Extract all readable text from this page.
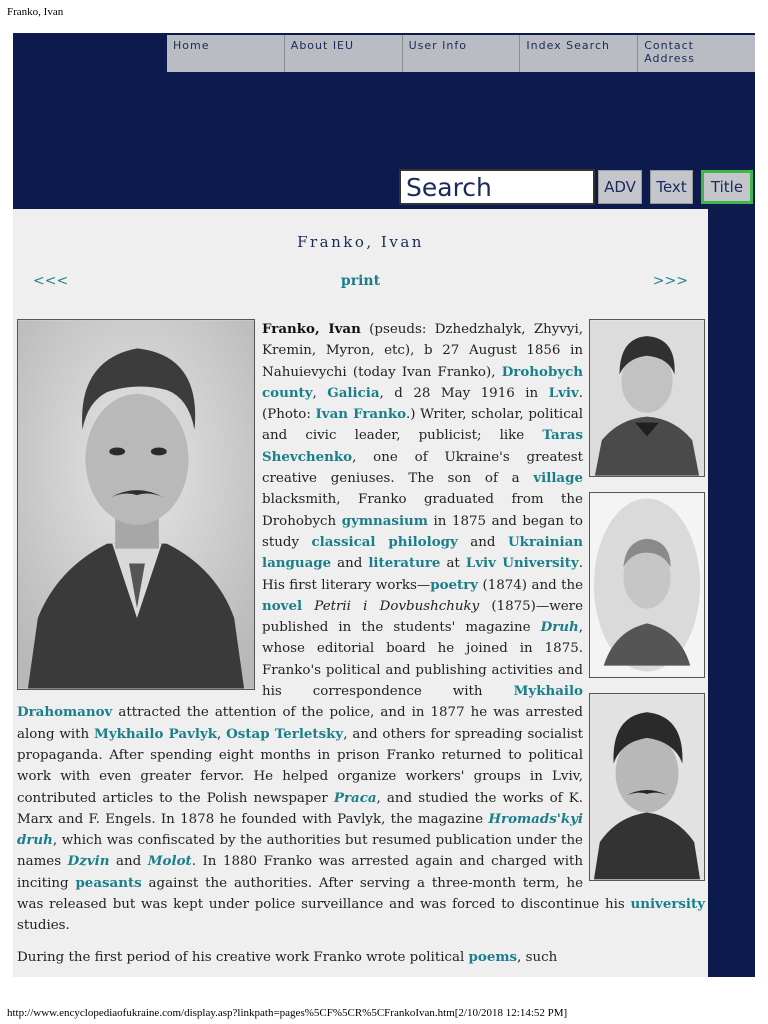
Franko, Ivan
Home	About IEU	User Info	Index Search	Contact Address
Search
ADV	Text	Title
Franko, Ivan
<<<	print	>>>

Franko, Ivan (pseuds: Dzhedzhalyk, Zhyvyi, Kremin, Myron, etc), b 27 August 1856 in Nahuievychi (today Ivan Franko), Drohobych county, Galicia, d 28 May 1916 in Lviv. (Photo: Ivan Franko.) Writer, scholar, political and civic leader, publicist; like Taras Shevchenko, one of Ukraine's greatest creative geniuses. The son of a village blacksmith, Franko graduated from the Drohobych gymnasium in 1875 and began to study classical philology and Ukrainian language and literature at Lviv University. His first literary works—poetry (1874) and the novel Petrii i Dovbushchuky (1875)—were published in the students' magazine Druh, whose editorial board he joined in 1875. Franko's political and publishing activities and his correspondence with Mykhailo Drahomanov attracted the attention of the police, and in 1877 he was arrested along with Mykhailo Pavlyk, Ostap Terletsky, and others for spreading socialist propaganda. After spending eight months in prison Franko returned to political work with even greater fervor. He helped organize workers' groups in Lviv, contributed articles to the Polish newspaper Praca, and studied the works of K. Marx and F. Engels. In 1878 he founded with Pavlyk, the magazine Hromads'kyi druh, which was confiscated by the authorities but resumed publication under the names Dzvin and Molot. In 1880 Franko was arrested again and charged with inciting peasants against the authorities. After serving a three-month term, he was released but was kept under police surveillance and was forced to discontinue his university studies.

During the first period of his creative work Franko wrote political poems, such

http://www.encyclopediaofukraine.com/display.asp?linkpath=pages%5CF%5CR%5CFrankoIvan.htm[2/10/2018 12:14:52 PM]
